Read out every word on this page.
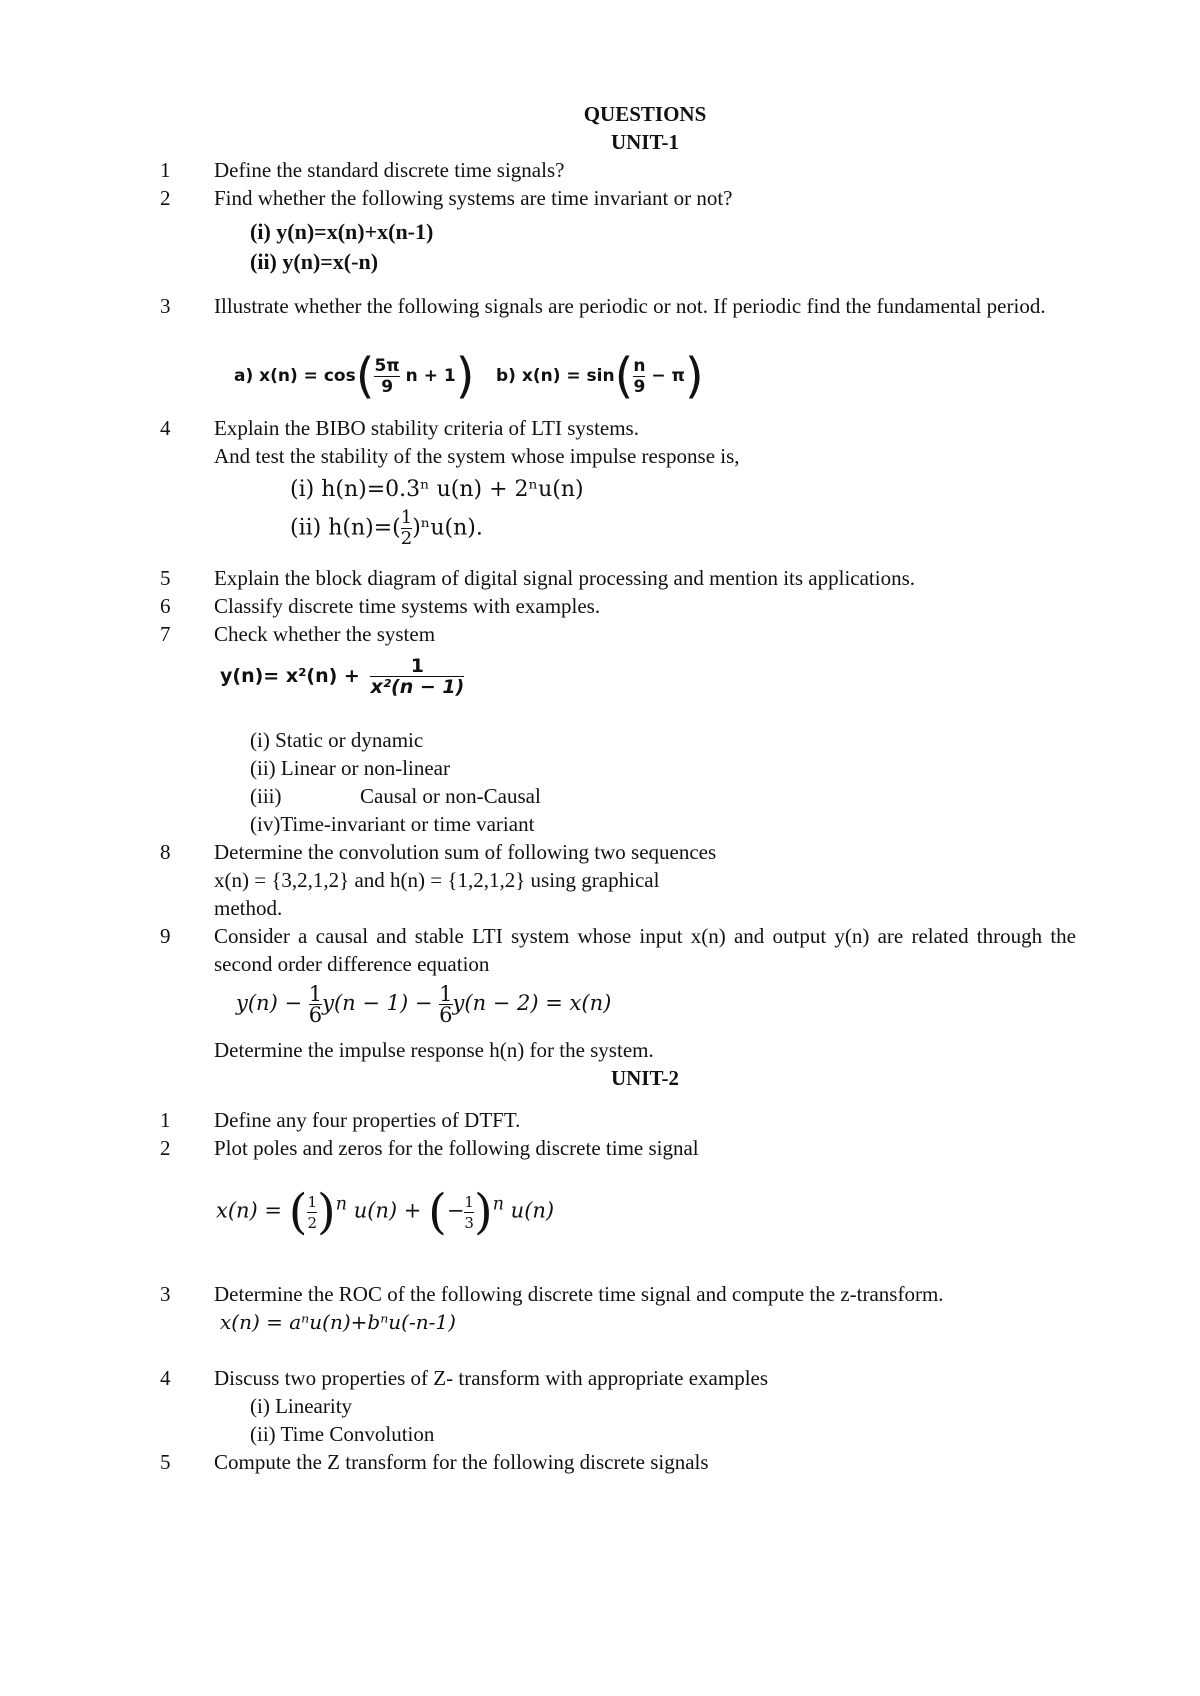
QUESTIONS
UNIT-1
1	Define the standard discrete time signals?
2	Find whether the following systems are time invariant or not?
(i) y(n)=x(n)+x(n-1)
(ii) y(n)=x(-n)
3	Illustrate whether the following signals are periodic or not. If periodic find the fundamental period.
a) $x(n) = \cos( \frac{5\pi}{9}$ n + 1) b) $x(n) = \sin( \frac{n}{9} - \pi)$
4	Explain the BIBO stability criteria of LTI systems.
And test the stability of the system whose impulse response is,
(i) h(n)=0.3ⁿ u(n) + 2ⁿu(n)
(ii) $h(n)=( \frac{1}{2} )^nu(n)$.
5	Explain the block diagram of digital signal processing and mention its applications.
6	Classify discrete time systems with examples.
7	Check whether the system
$y(n)= x^2(n) + \frac{1}{\text{x²(n − 1)}}$
(i) Static or dynamic
(ii) Linear or non-linear
(iii)	Causal or non-Causal
(iv)Time-invariant or time variant
8	Determine the convolution sum of following two sequences
x(n) = {3,2,1,2} and h(n) = {1,2,1,2} using graphical
method.
9	Consider a causal and stable LTI system whose input x(n) and output y(n) are related through the second order difference equation
$y(n) - \frac{1}{6} y(n - 1) - \frac{1}{6} y(n - 2) = x(n)$
Determine the impulse response h(n) for the system.
UNIT-2
1	Define any four properties of DTFT.
2	Plot poles and zeros for the following discrete time signal
x(n) = ( $\frac{1}{2} )^n$ u(n) + (− $\frac{1}{3} )^n$ u(n)
3	Determine the ROC of the following discrete time signal and compute the z-transform.
x(n) = aⁿu(n)+bⁿu(-n-1)
4	Discuss two properties of Z- transform with appropriate examples
(i) Linearity
(ii) Time Convolution
5	Compute the Z transform for the following discrete signals
